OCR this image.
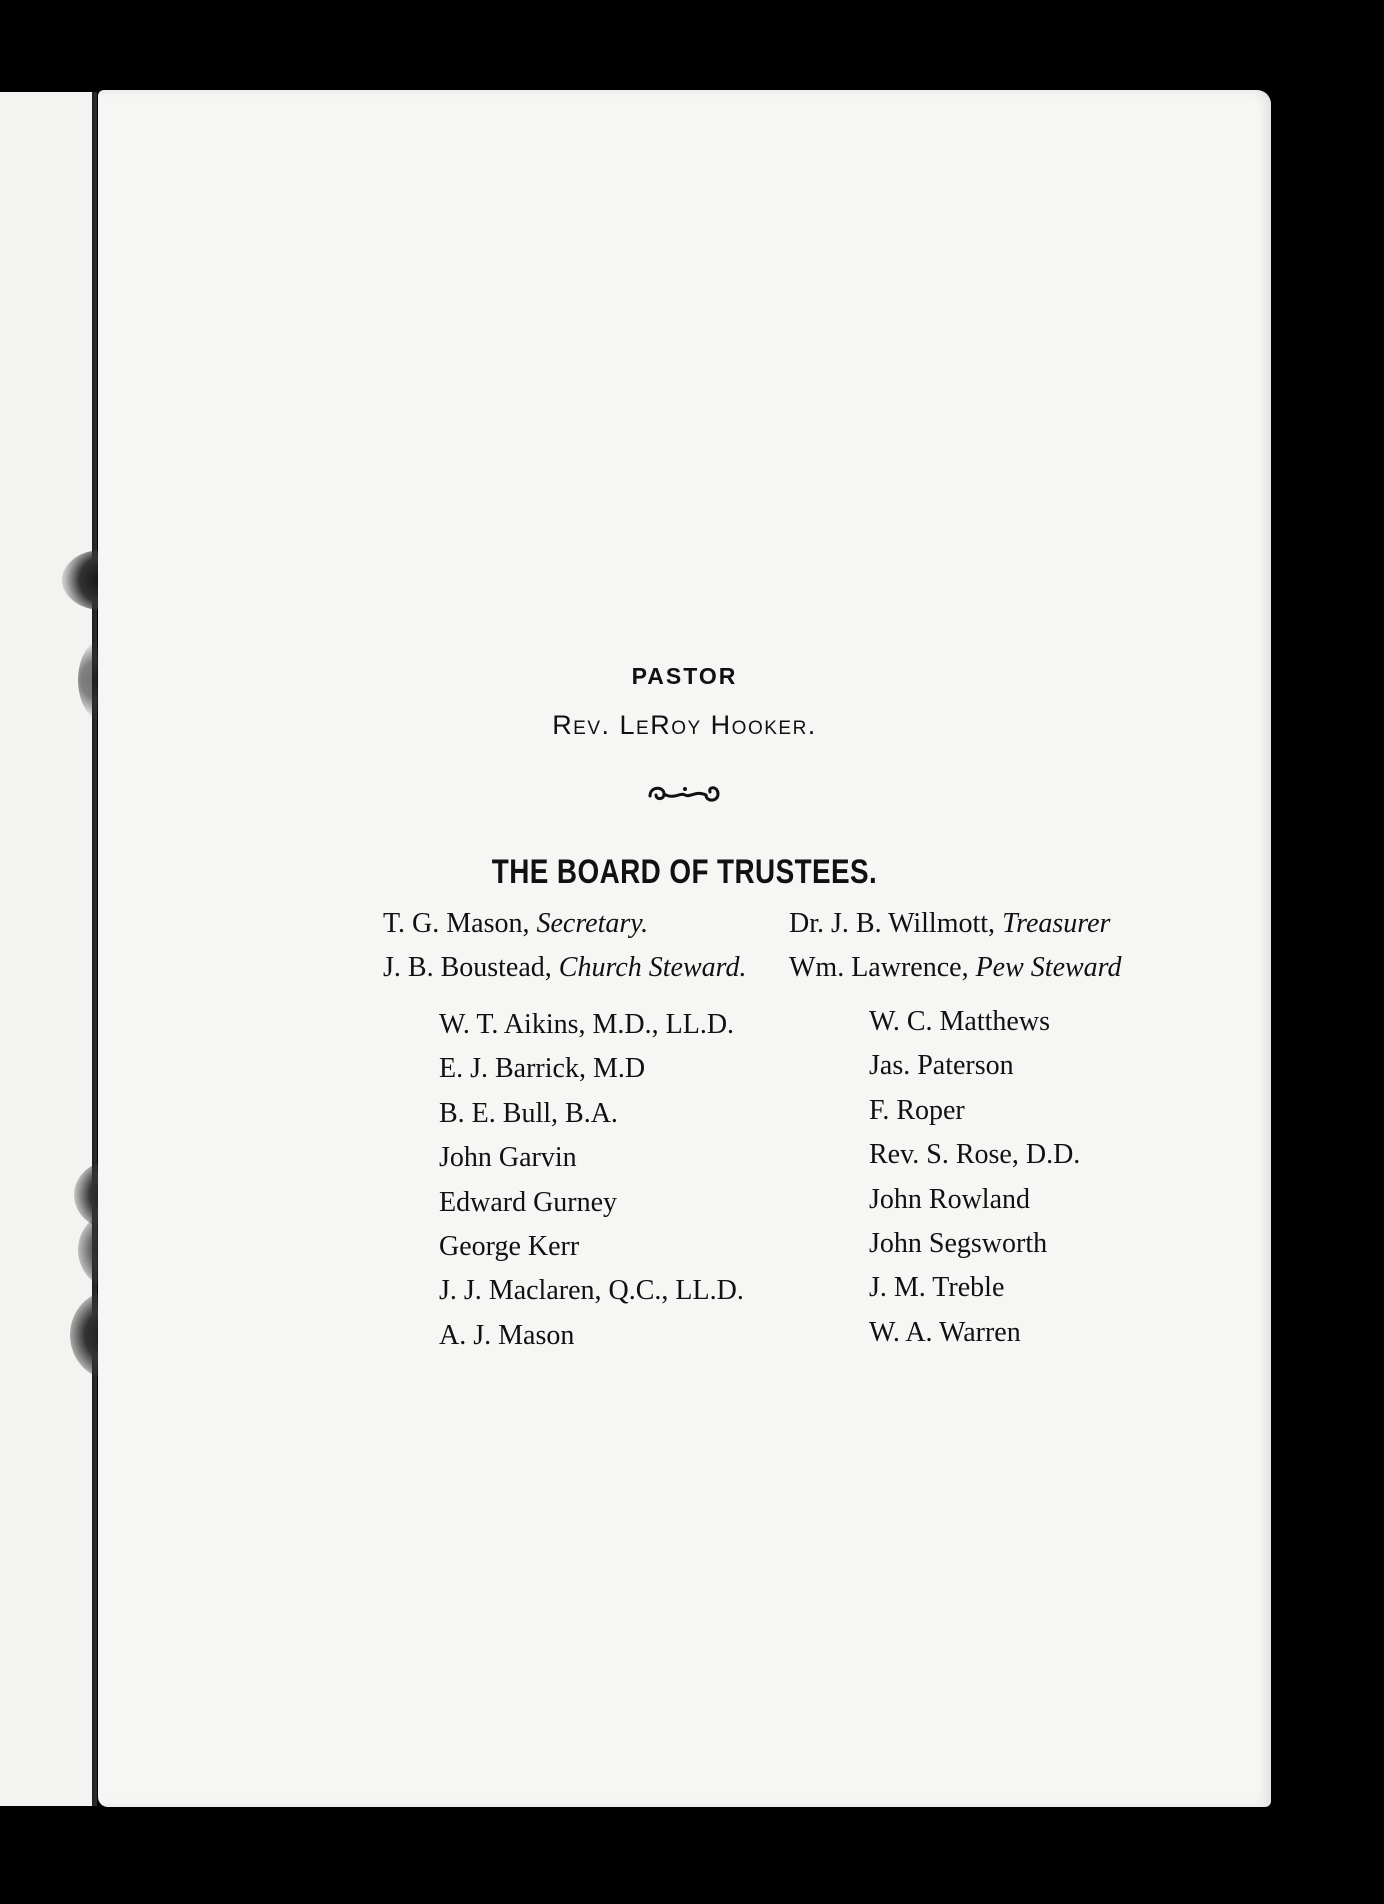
PASTOR
Rev. LeRoy Hooker.
THE BOARD OF TRUSTEES.
T. G. Mason, Secretary.	Dr. J. B. Willmott, Treasurer
J. B. Boustead, Church Steward. Wm. Lawrence, Pew Steward
W. T. Aikins, M.D., LL.D.
E. J. Barrick, M.D
B. E. Bull, B.A.
John Garvin
Edward Gurney
George Kerr
J. J. Maclaren, Q.C., LL.D.
A. J. Mason
W. C. Matthews
Jas. Paterson
F. Roper
Rev. S. Rose, D.D.
John Rowland
John Segsworth
J. M. Treble
W. A. Warren
